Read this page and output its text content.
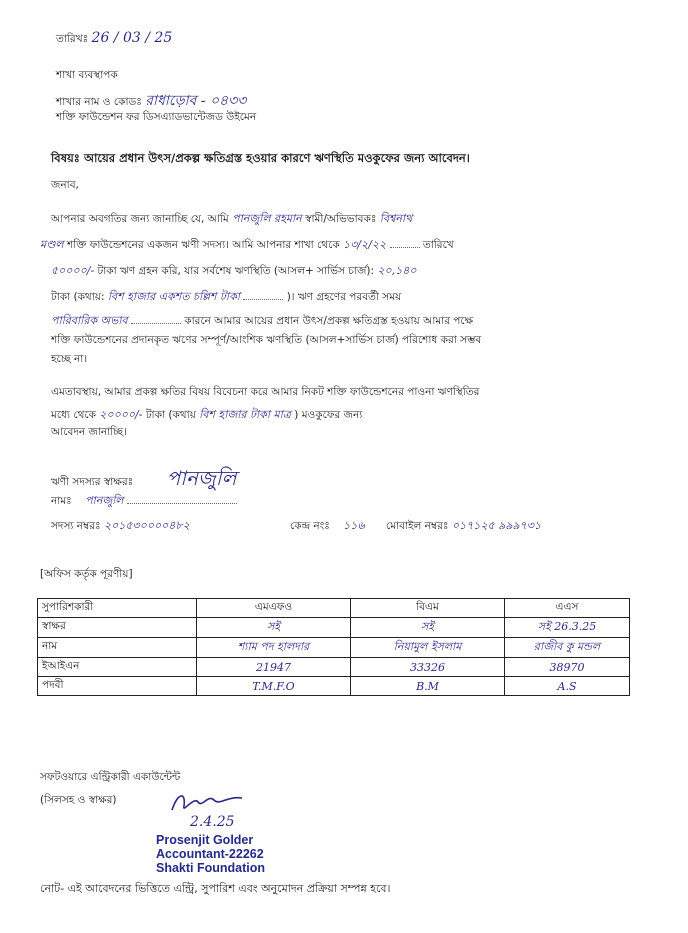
তারিখঃ 26 / 03 / 25
শাখা ব্যবস্থাপক
শাখার নাম ও কোডঃ রাধাড়োব - ০৪৩৩
শক্তি ফাউন্ডেশন ফর ডিসএ্যাডভান্টেজড উইমেন
বিষয়ঃ আয়ের প্রধান উৎস/প্রকল্প ক্ষতিগ্রস্ত হওয়ার কারণে ঋণস্থিতি মওকুফের জন্য আবেদন।
জনাব,
আপনার অবগতির জন্য জানাচ্ছি যে, আমি পানজুলি রহমান স্বামী/অভিভাবকঃ বিশ্বনাথ
মণ্ডল শক্তি ফাউন্ডেশনের একজন ঋণী সদস্য। আমি আপনার শাখা থেকে ১৩/২/২২	তারিখে
৫০০০০/- টাকা ঋণ গ্রহন করি, যার সর্বশেষ ঋণস্থিতি (আসল+ সার্ভিস চার্জ): ২০,১৪০
টাকা (কথায়: বিশ হাজার একশত চল্লিশ টাকা	)। ঋণ গ্রহণের পরবর্তী সময়
পারিবারিক অভাব	কারনে আমার আয়ের প্রধান উৎস/প্রকল্প ক্ষতিগ্রস্ত হওয়ায় আমার পক্ষে
শক্তি ফাউন্ডেশনের প্রদানকৃত ঋণের সম্পূর্ণ/আংশিক ঋণস্থিতি (আসল+সার্ভিস চার্জ) পরিশোধ করা সম্ভব
হচ্ছে না।
এমতাবস্থায়, আমার প্রকল্প ক্ষতির বিষয় বিবেচনা করে আমার নিকট শক্তি ফাউন্ডেশনের পাওনা ঋণস্থিতির
মধ্যে থেকে ২০০০০/- টাকা (কথায় বিশ হাজার টাকা মাত্র ) মওকুফের জন্য
আবেদন জানাচ্ছি।
ঋণী সদস্যর স্বাক্ষরঃ পানজুলি
নামঃ পানজুলি
সদস্য নম্বরঃ ২০১৫৩০০০০৪৮২	কেন্দ্র নংঃ ১১৬	মোবাইল নম্বরঃ ০১৭১২৫ ৯৯৯৭৩১
[অফিস কর্তৃক পূরণীয়]
সুপারিশকারী	এমএফও	বিএম	এএস
স্বাক্ষর	সই	সই	সই 26.3.25
নাম	শ্যাম পদ হালদার	নিয়ামুল ইসলাম	রাজীব কু মন্ডল
ইআইএন	21947	33326	38970
পদবী	T.M.F.O	B.M	A.S
সফটওয়ারে এন্ট্রিকারী একাউন্টেন্ট
(সিলসহ ও স্বাক্ষর)
2.4.25
Prosenjit Golder
Accountant-22262
Shakti Foundation
নোট- এই আবেদনের ভিত্তিতে এন্ট্রি, সুপারিশ এবং অনুমোদন প্রক্রিয়া সম্পন্ন হবে।
